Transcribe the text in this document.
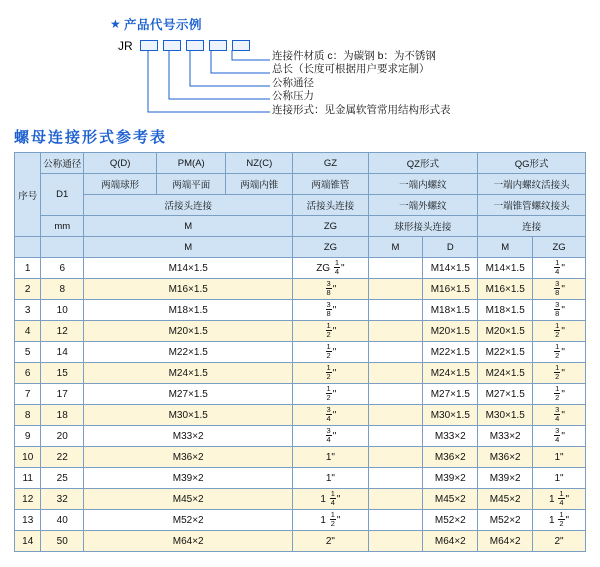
★ 产品代号示例
JR
连接件材质 c：为碳钢 b：为不锈钢
总长（长度可根据用户要求定制）
公称通径
公称压力
连接形式：见金属软管常用结构形式表
螺母连接形式参考表
序号	公称通径	Q(D)	PM(A)	NZ(C)	GZ	QZ形式		QG形式	
	D1	两端球形	两端平面	两端内锥	两端锥管	一端内螺纹		一端内螺纹活接头	
		活接头连接			活接头连接	一端外螺纹		一端锥管螺纹接头	
	mm	M			ZG	球形接头连接		连接	
		M			ZG	M	D	M	ZG
1	6	M14×1.5			ZG $\frac{1}{4}$ "		M14×1.5	M14×1.5	$\frac{1}{4}$ "
2	8	M16×1.5			$\frac{3}{8}$ "		M16×1.5	M16×1.5	$\frac{3}{8}$ "
3	10	M18×1.5			$\frac{3}{8}$ "		M18×1.5	M18×1.5	$\frac{3}{8}$ "
4	12	M20×1.5			$\frac{1}{2}$ "		M20×1.5	M20×1.5	$\frac{1}{2}$ "
5	14	M22×1.5			$\frac{1}{2}$ "		M22×1.5	M22×1.5	$\frac{1}{2}$ "
6	15	M24×1.5			$\frac{1}{2}$ "		M24×1.5	M24×1.5	$\frac{1}{2}$ "
7	17	M27×1.5			$\frac{1}{2}$ "		M27×1.5	M27×1.5	$\frac{1}{2}$ "
8	18	M30×1.5			$\frac{3}{4}$ "		M30×1.5	M30×1.5	$\frac{3}{4}$ "
9	20	M33×2			$\frac{3}{4}$ "		M33×2	M33×2	$\frac{3}{4}$ "
10	22	M36×2			1"		M36×2	M36×2	1"
11	25	M39×2			1"		M39×2	M39×2	1"
12	32	M45×2			$1 \frac{1}{4}$ "		M45×2	M45×2	$1 \frac{1}{4}$ "
13	40	M52×2			$1 \frac{1}{2}$ "		M52×2	M52×2	$1 \frac{1}{2}$ "
14	50	M64×2			2"		M64×2	M64×2	2"
